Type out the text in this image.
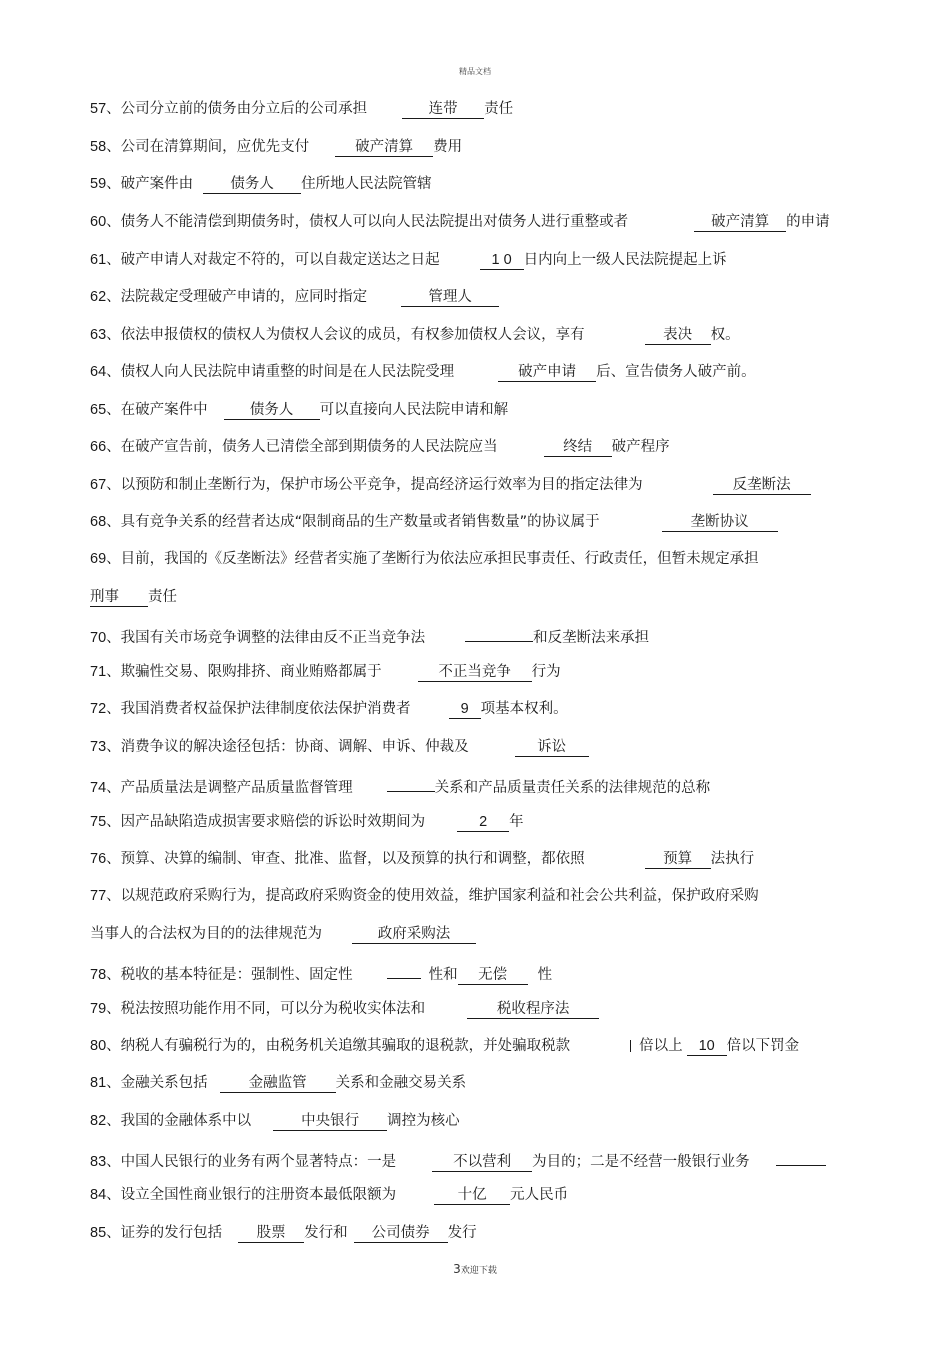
精品文档
57、公司分立前的债务由分立后的公司承担	连带 责任
58、公司在清算期间，应优先支付	破产清算 费用
59、破产案件由	债务人 住所地人民法院管辖
60、债务人不能清偿到期债务时，债权人可以向人民法院提出对债务人进行重整或者	破产清算 的申请
61、破产申请人对裁定不符的，可以自裁定送达之日起	1 0 日内向上一级人民法院提起上诉
62、法院裁定受理破产申请的，应同时指定	管理人
63、依法申报债权的债权人为债权人会议的成员，有权参加债权人会议，享有	表决 权。
64、债权人向人民法院申请重整的时间是在人民法院受理	破产申请 后、宣告债务人破产前。
65、在破产案件中	债务人 可以直接向人民法院申请和解
66、在破产宣告前，债务人已清偿全部到期债务的人民法院应当	终结 破产程序
67、以预防和制止垄断行为，保护市场公平竞争，提高经济运行效率为目的指定法律为	反垄断法
68、具有竞争关系的经营者达成“限制商品的生产数量或者销售数量”的协议属于	垄断协议
69、目前，我国的《反垄断法》经营者实施了垄断行为依法应承担民事责任、行政责任，但暂未规定承担
刑事 责任
70、我国有关市场竞争调整的法律由反不正当竞争法	和反垄断法来承担
71、欺骗性交易、限购排挤、商业贿赂都属于	不正当竞争 行为
72、我国消费者权益保护法律制度依法保护消费者	9 项基本权利。
73、消费争议的解决途径包括：协商、调解、申诉、仲裁及	诉讼
74、产品质量法是调整产品质量监督管理	关系和产品质量责任关系的法律规范的总称
75、因产品缺陷造成损害要求赔偿的诉讼时效期间为	2 年
76、预算、决算的编制、审查、批准、监督，以及预算的执行和调整，都依照	预算 法执行
77、以规范政府采购行为，提高政府采购资金的使用效益，维护国家利益和社会公共利益，保护政府采购
当事人的合法权为目的的法律规范为	政府采购法
78、税收的基本特征是：强制性、固定性	性和 无偿 性
79、税法按照功能作用不同，可以分为税收实体法和	税收程序法
80、纳税人有骗税行为的，由税务机关追缴其骗取的退税款，并处骗取税款	倍以上 10 倍以下罚金
81、金融关系包括	金融监管 关系和金融交易关系
82、我国的金融体系中以	中央银行 调控为核心
83、中国人民银行的业务有两个显著特点：一是	不以营利 为目的；二是不经营一般银行业务
84、设立全国性商业银行的注册资本最低限额为	十亿 元人民币
85、证券的发行包括 股票 发行和 公司债券 发行
3欢迎下载
